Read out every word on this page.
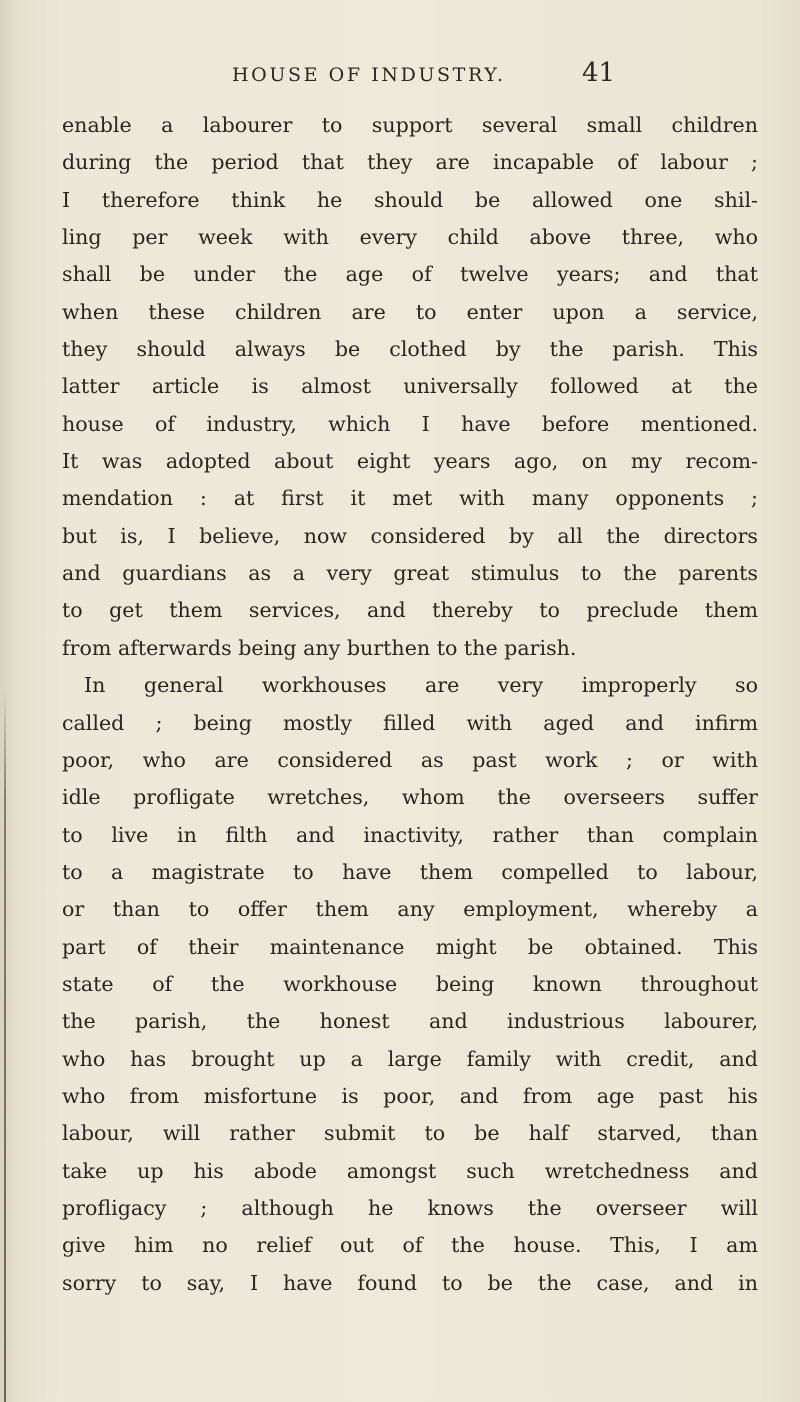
HOUSE OF INDUSTRY.	41
enable a labourer to support several small children
during the period that they are incapable of labour ;
I therefore think he should be allowed one shil-
ling per week with every child above three, who
shall be under the age of twelve years; and that
when these children are to enter upon a service,
they should always be clothed by the parish. This
latter article is almost universally followed at the
house of industry, which I have before mentioned.
It was adopted about eight years ago, on my recom-
mendation : at first it met with many opponents ;
but is, I believe, now considered by all the directors
and guardians as a very great stimulus to the parents
to get them services, and thereby to preclude them
from afterwards being any burthen to the parish.
In general workhouses are very improperly so
called ; being mostly filled with aged and infirm
poor, who are considered as past work ; or with
idle profligate wretches, whom the overseers suffer
to live in filth and inactivity, rather than complain
to a magistrate to have them compelled to labour,
or than to offer them any employment, whereby a
part of their maintenance might be obtained. This
state of the workhouse being known throughout
the parish, the honest and industrious labourer,
who has brought up a large family with credit, and
who from misfortune is poor, and from age past his
labour, will rather submit to be half starved, than
take up his abode amongst such wretchedness and
profligacy ; although he knows the overseer will
give him no relief out of the house. This, I am
sorry to say, I have found to be the case, and in
